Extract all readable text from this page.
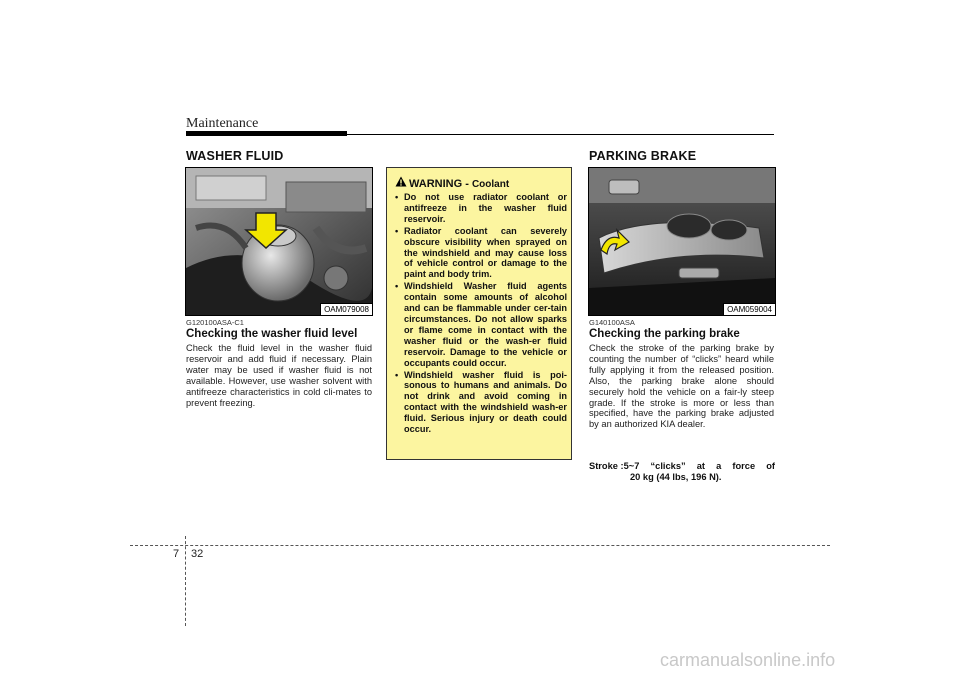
Maintenance
WASHER FLUID
OAM079008
G120100ASA-C1
Checking the washer fluid level
Check the fluid level in the washer fluid reservoir and add fluid if necessary. Plain water may be used if washer fluid is not available. However, use washer solvent with antifreeze characteristics in cold cli-mates to prevent freezing.
WARNING - Coolant
• Do not use radiator coolant or antifreeze in the washer fluid reservoir.
• Radiator coolant can severely obscure visibility when sprayed on the windshield and may cause loss of vehicle control or damage to the paint and body trim.
• Windshield Washer fluid agents contain some amounts of alcohol and can be flammable under cer-tain circumstances. Do not allow sparks or flame come in contact with the washer fluid or the wash-er fluid reservoir. Damage to the vehicle or occupants could occur.
• Windshield washer fluid is poi-sonous to humans and animals. Do not drink and avoid coming in contact with the windshield wash-er fluid. Serious injury or death could occur.
PARKING BRAKE
OAM059004
G140100ASA
Checking the parking brake
Check the stroke of the parking brake by counting the number of “clicks” heard while fully applying it from the released position. Also, the parking brake alone should securely hold the vehicle on a fair-ly steep grade. If the stroke is more or less than specified, have the parking brake adjusted by an authorized KIA dealer.
Stroke : 5~7 “clicks” at a force of
20 kg (44 lbs, 196 N).
7 32
carmanualsonline.info
